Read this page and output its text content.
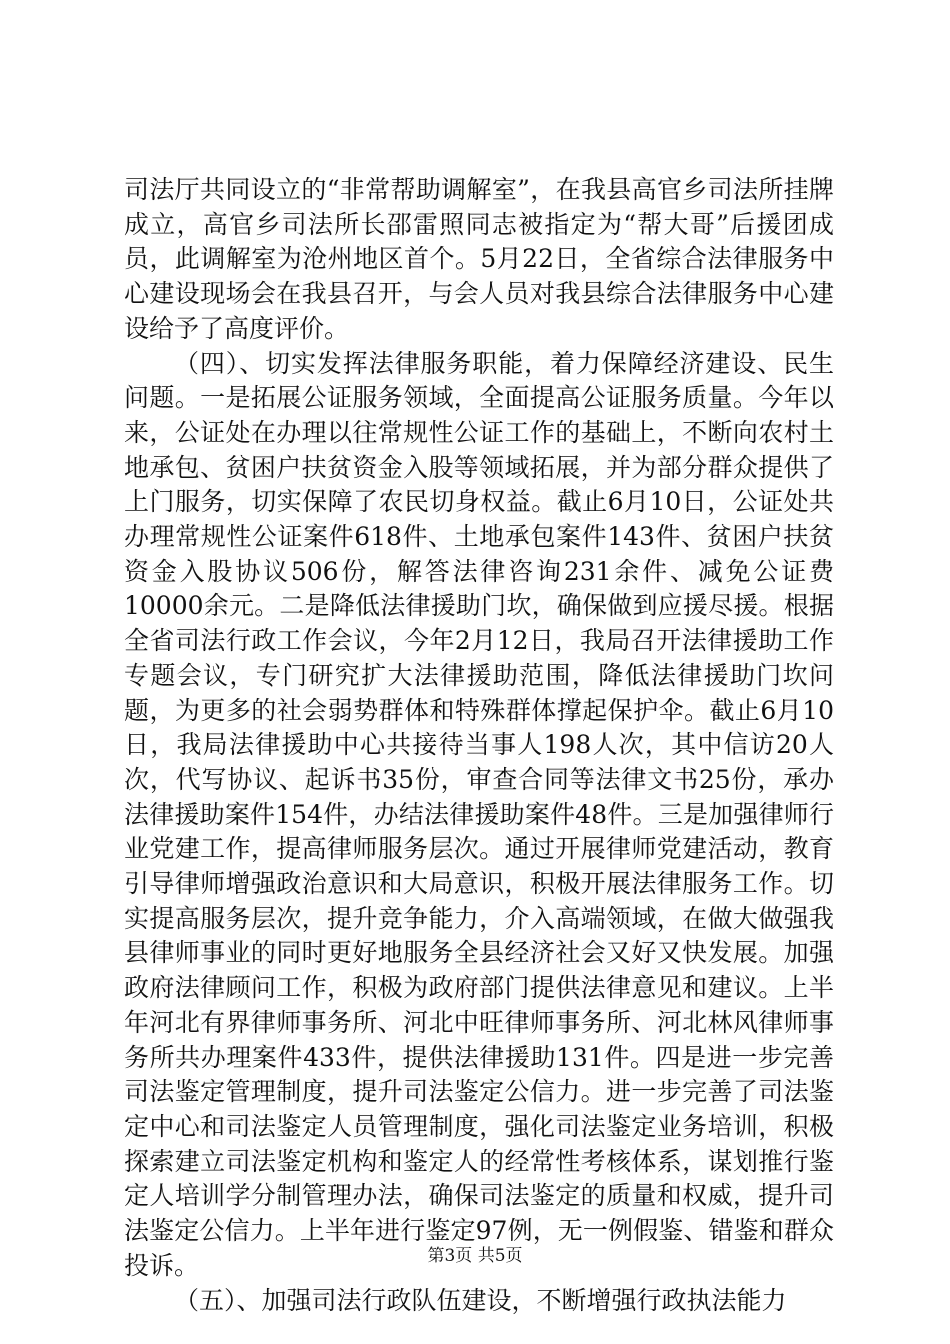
司法厅共同设立的“非常帮助调解室”，在我县高官乡司法所挂牌成立，高官乡司法所长邵雷照同志被指定为“帮大哥”后援团成员，此调解室为沧州地区首个。5月22日，全省综合法律服务中心建设现场会在我县召开，与会人员对我县综合法律服务中心建设给予了高度评价。

（四）、切实发挥法律服务职能，着力保障经济建设、民生问题。一是拓展公证服务领域，全面提高公证服务质量。今年以来，公证处在办理以往常规性公证工作的基础上，不断向农村土地承包、贫困户扶贫资金入股等领域拓展，并为部分群众提供了上门服务，切实保障了农民切身权益。截止6月10日，公证处共办理常规性公证案件618件、土地承包案件143件、贫困户扶贫资金入股协议506份，解答法律咨询231余件、减免公证费10000余元。二是降低法律援助门坎，确保做到应援尽援。根据全省司法行政工作会议，今年2月12日，我局召开法律援助工作专题会议，专门研究扩大法律援助范围，降低法律援助门坎问题，为更多的社会弱势群体和特殊群体撑起保护伞。截止6月10日，我局法律援助中心共接待当事人198人次，其中信访20人次，代写协议、起诉书35份，审查合同等法律文书25份，承办法律援助案件154件，办结法律援助案件48件。三是加强律师行业党建工作，提高律师服务层次。通过开展律师党建活动，教育引导律师增强政治意识和大局意识，积极开展法律服务工作。切实提高服务层次，提升竞争能力，介入高端领域，在做大做强我县律师事业的同时更好地服务全县经济社会又好又快发展。加强政府法律顾问工作，积极为政府部门提供法律意见和建议。上半年河北有界律师事务所、河北中旺律师事务所、河北林风律师事务所共办理案件433件，提供法律援助131件。四是进一步完善司法鉴定管理制度，提升司法鉴定公信力。进一步完善了司法鉴定中心和司法鉴定人员管理制度，强化司法鉴定业务培训，积极探索建立司法鉴定机构和鉴定人的经常性考核体系，谋划推行鉴定人培训学分制管理办法，确保司法鉴定的质量和权威，提升司法鉴定公信力。上半年进行鉴定97例，无一例假鉴、错鉴和群众投诉。

（五）、加强司法行政队伍建设，不断增强行政执法能力

第3页 共5页
